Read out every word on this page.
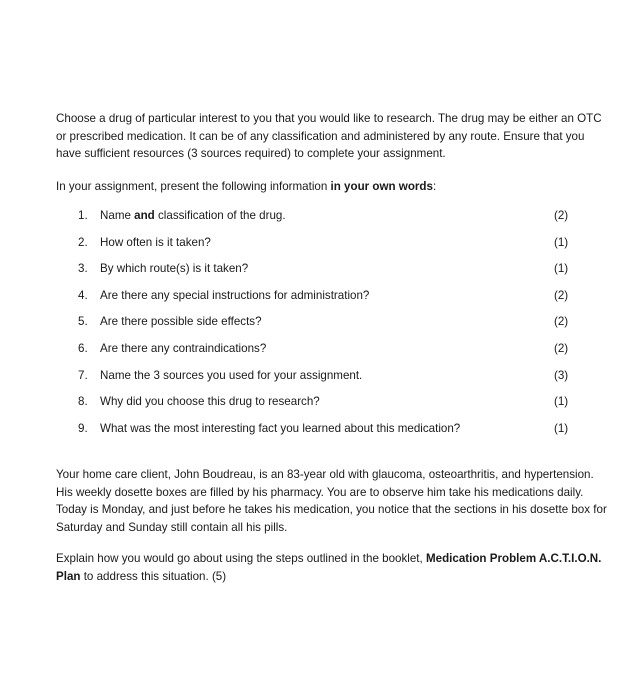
Choose a drug of particular interest to you that you would like to research. The drug may be either an OTC or prescribed medication. It can be of any classification and administered by any route. Ensure that you have sufficient resources (3 sources required) to complete your assignment.

In your assignment, present the following information in your own words:

1. Name and classification of the drug.	(2)
2. How often is it taken?	(1)
3. By which route(s) is it taken?	(1)
4. Are there any special instructions for administration?	(2)
5. Are there possible side effects?	(2)
6. Are there any contraindications?	(2)
7. Name the 3 sources you used for your assignment.	(3)
8. Why did you choose this drug to research?	(1)
9. What was the most interesting fact you learned about this medication?	(1)

Your home care client, John Boudreau, is an 83-year old with glaucoma, osteoarthritis, and hypertension. His weekly dosette boxes are filled by his pharmacy. You are to observe him take his medications daily. Today is Monday, and just before he takes his medication, you notice that the sections in his dosette box for Saturday and Sunday still contain all his pills.

Explain how you would go about using the steps outlined in the booklet, Medication Problem A.C.T.I.O.N. Plan to address this situation. (5)
